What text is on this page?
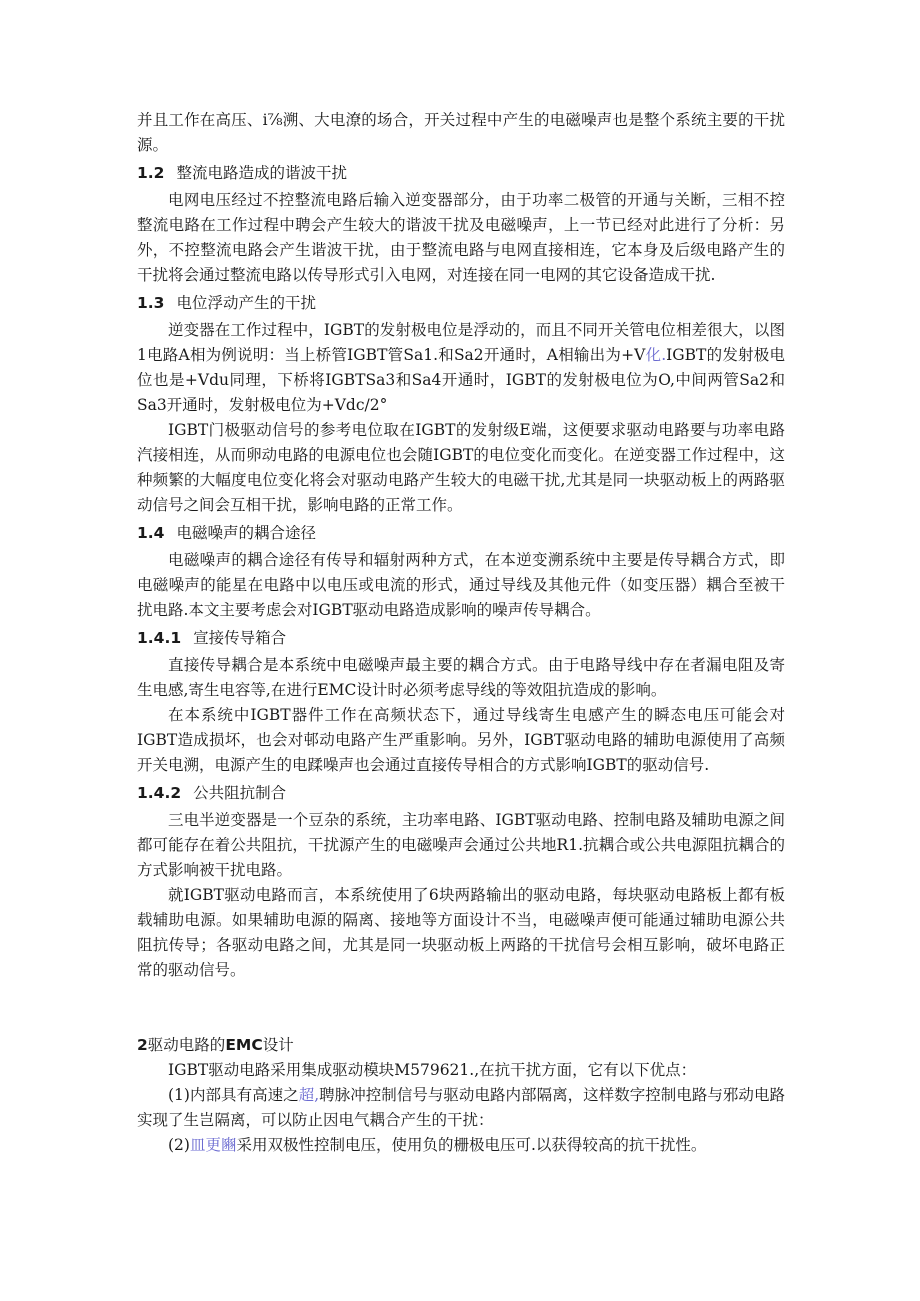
并且工作在高压、i⅞溯、大电潦的场合，开关过程中产生的电磁噪声也是整个系统主要的干扰源。

1.2 整流电路造成的谐波干扰

电网电压经过不控整流电路后输入逆变器部分，由于功率二极管的开通与关断，三相不控整流电路在工作过程中聘会产生较大的谐波干扰及电磁噪声，上一节已经对此进行了分析：另外，不控整流电路会产生谐波干扰，由于整流电路与电网直接相连，它本身及后级电路产生的干扰将会通过整流电路以传导形式引入电网，对连接在同一电网的其它设备造成干扰.

1.3 电位浮动产生的干扰

逆变器在工作过程中，IGBT的发射极电位是浮动的，而且不同开关管电位相差很大，以图1电路A相为例说明：当上桥管IGBT管Sa1.和Sa2开通时，A相输出为+V化.IGBT的发射极电位也是+Vdu同理，下桥将IGBTSa3和Sa4开通时，IGBT的发射极电位为O,中间两管Sa2和Sa3开通时，发射极电位为+Vdc/2°

IGBT门极驱动信号的参考电位取在IGBT的发射级E端，这便要求驱动电路要与功率电路汽接相连，从而卵动电路的电源电位也会随IGBT的电位变化而变化。在逆变器工作过程中，这种频繁的大幅度电位变化将会对驱动电路产生较大的电磁干扰,尤其是同一块驱动板上的两路驱动信号之间会互相干扰，影响电路的正常工作。

1.4 电磁噪声的耦合途径

电磁噪声的耦合途径有传导和辐射两种方式，在本逆变溯系统中主要是传导耦合方式，即电磁噪声的能星在电路中以电压或电流的形式，通过导线及其他元件（如变压器）耦合至被干扰电路.本文主要考虑会对IGBT驱动电路造成影响的噪声传导耦合。

1.4.1 宣接传导箱合

直接传导耦合是本系统中电磁噪声最主要的耦合方式。由于电路导线中存在者漏电阻及寄生电感,寄生电容等,在进行EMC设计时必须考虑导线的等效阻抗造成的影响。

在本系统中IGBT器件工作在高频状态下，通过导线寄生电感产生的瞬态电压可能会对IGBT造成损坏，也会对邨动电路产生严重影响。另外，IGBT驱动电路的辅助电源使用了高频开关电溯，电源产生的电蹂噪声也会通过直接传导相合的方式影响IGBT的驱动信号.

1.4.2 公共阻抗制合

三电半逆变器是一个豆杂的系统，主功率电路、IGBT驱动电路、控制电路及辅助电源之间都可能存在着公共阻抗，干扰源产生的电磁噪声会通过公共地R1.抗耦合或公共电源阻抗耦合的方式影响被干扰电路。

就IGBT驱动电路而言，本系统使用了6块两路输出的驱动电路，每块驱动电路板上都有板载辅助电源。如果辅助电源的隔离、接地等方面设计不当，电磁噪声便可能通过辅助电源公共阻抗传导；各驱动电路之间，尤其是同一块驱动板上两路的干扰信号会相互影响，破坏电路正常的驱动信号。

2驱动电路的EMC设计

IGBT驱动电路采用集成驱动模块M579621.,在抗干扰方面，它有以下优点：

(1)内部具有高速之超,聘脉冲控制信号与驱动电路内部隔离，这样数字控制电路与邪动电路实现了生岂隔离，可以防止因电气耦合产生的干扰：

(2)皿更豳采用双极性控制电压，使用负的栅极电压可.以获得较高的抗干扰性。
